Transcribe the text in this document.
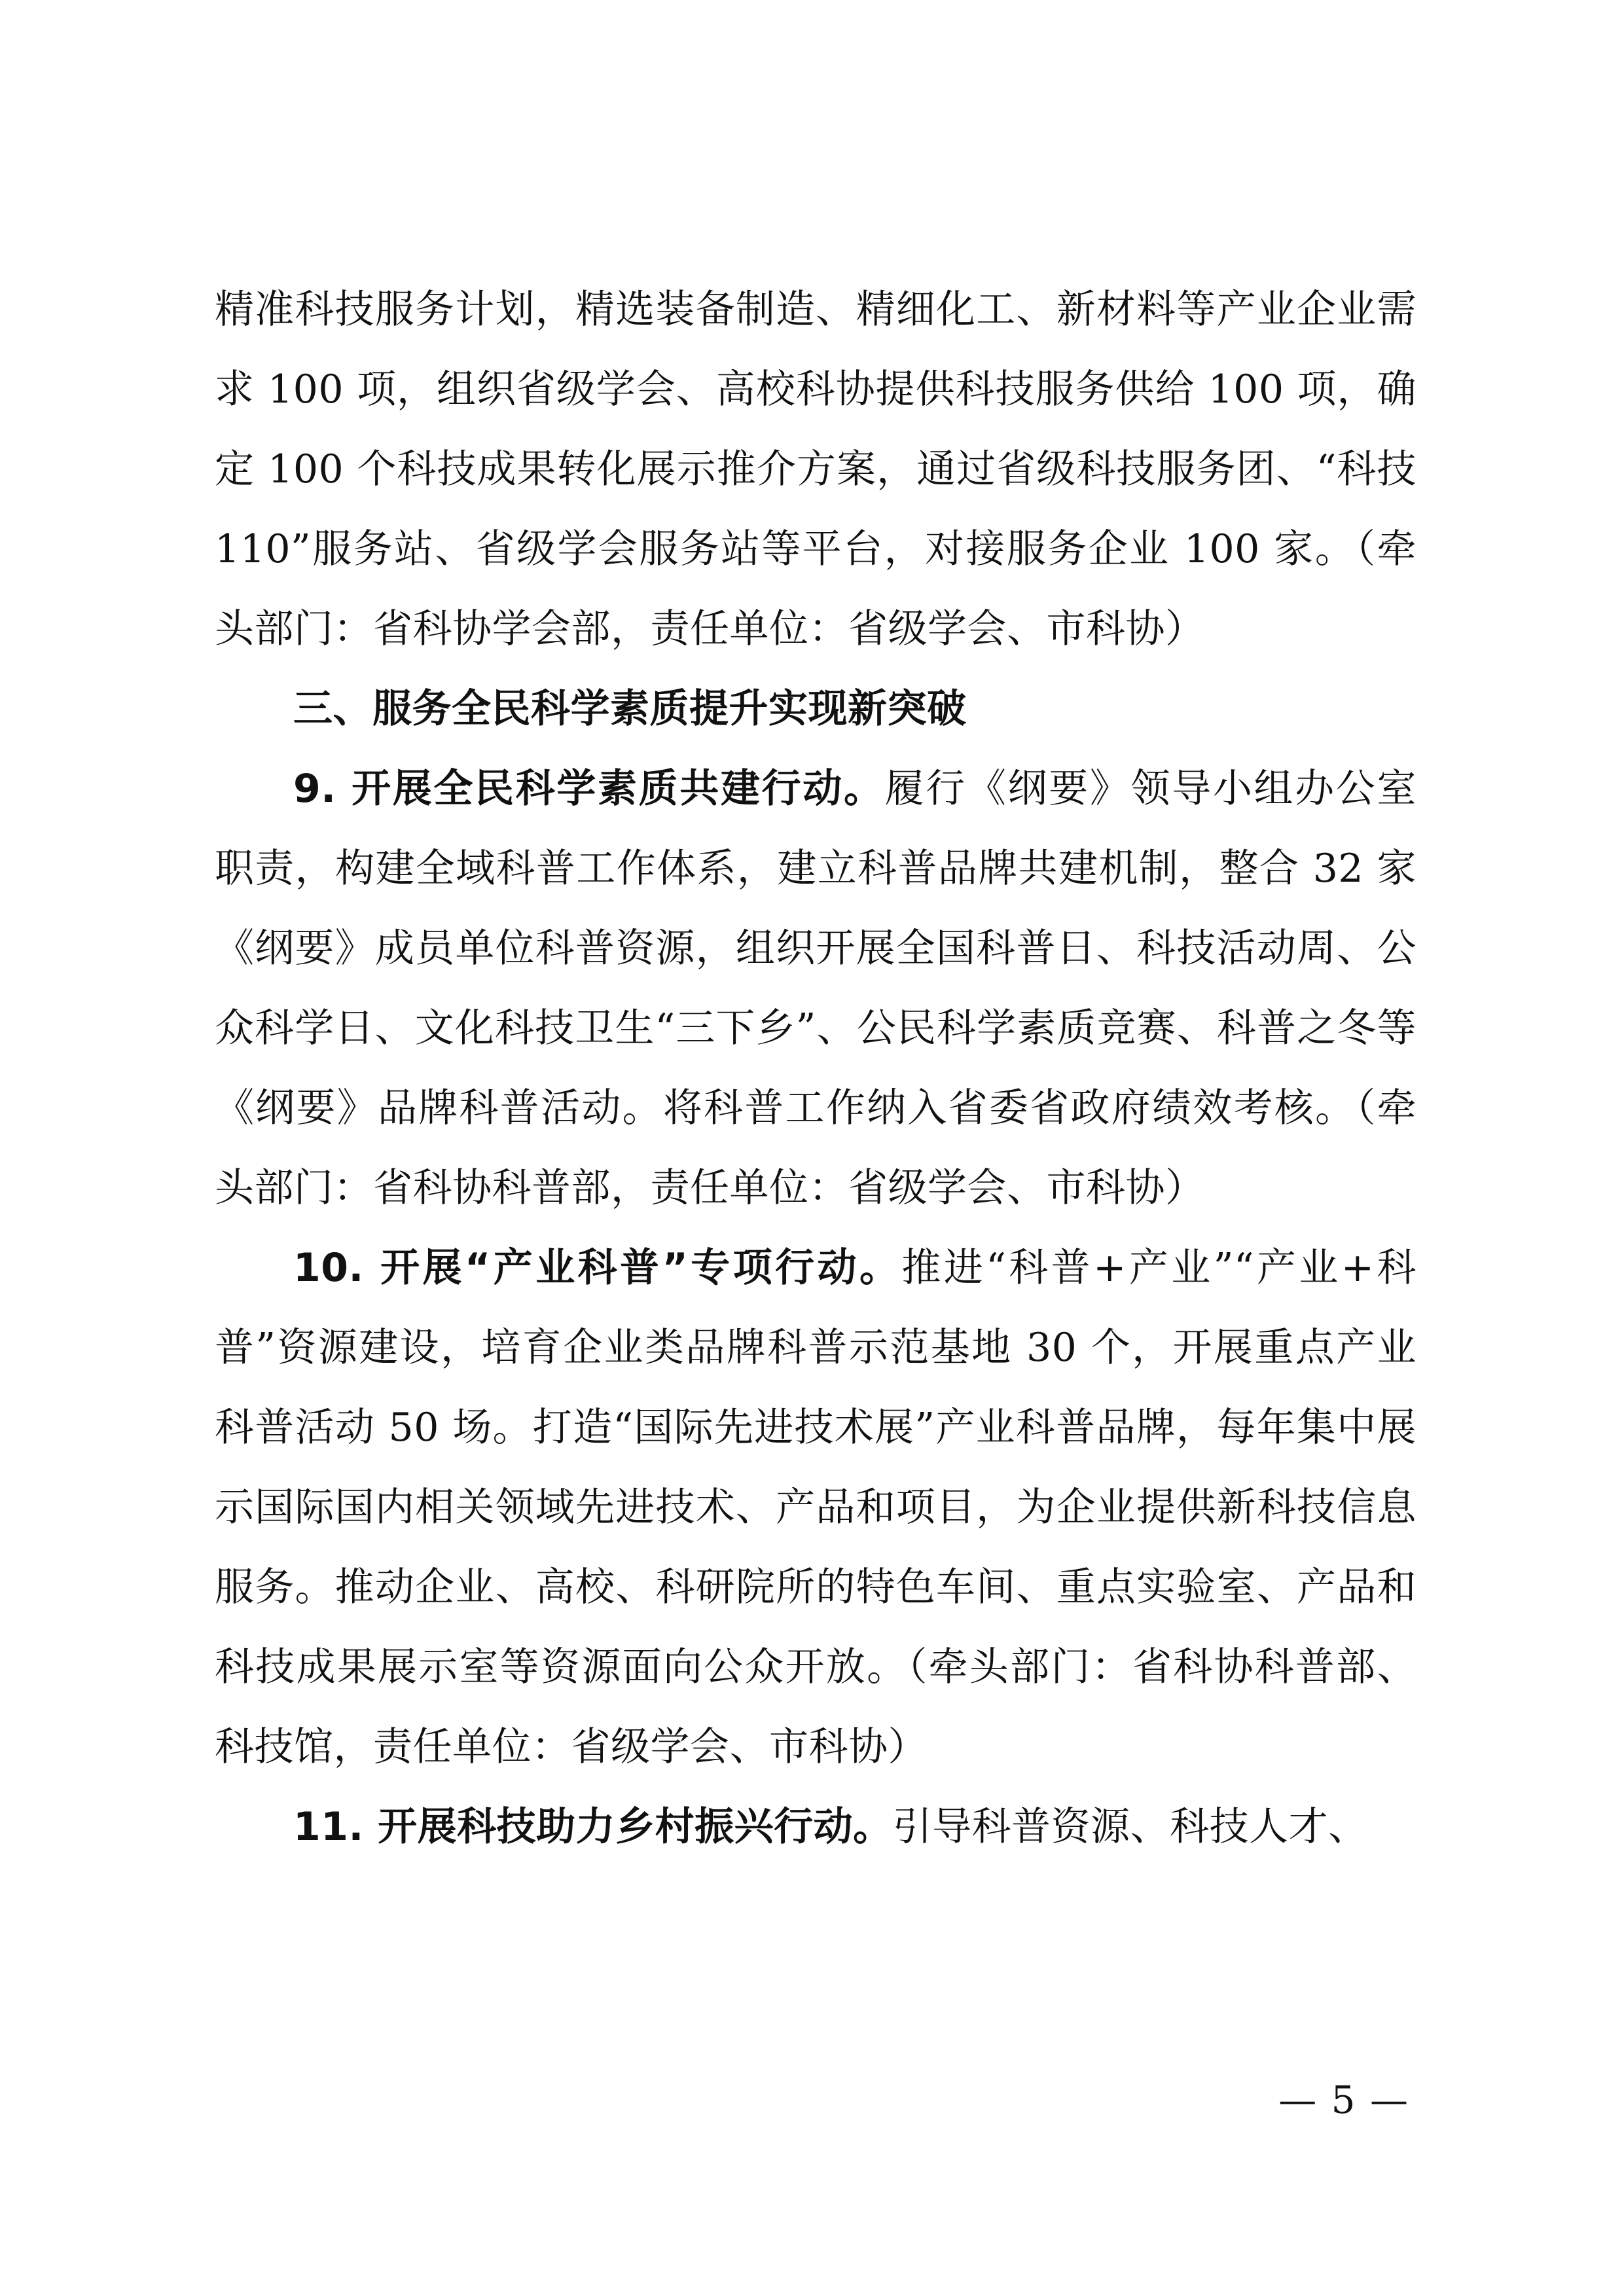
精准科技服务计划，精选装备制造、精细化工、新材料等产业企业需求 100 项，组织省级学会、高校科协提供科技服务供给 100 项，确定 100 个科技成果转化展示推介方案，通过省级科技服务团、“科技 110”服务站、省级学会服务站等平台，对接服务企业 100 家。（牵头部门：省科协学会部，责任单位：省级学会、市科协）

三、服务全民科学素质提升实现新突破

9. 开展全民科学素质共建行动。履行《纲要》领导小组办公室职责，构建全域科普工作体系，建立科普品牌共建机制，整合 32 家《纲要》成员单位科普资源，组织开展全国科普日、科技活动周、公众科学日、文化科技卫生“三下乡”、公民科学素质竞赛、科普之冬等《纲要》品牌科普活动。将科普工作纳入省委省政府绩效考核。（牵头部门：省科协科普部，责任单位：省级学会、市科协）

10. 开展“产业科普”专项行动。推进“科普+产业”“产业+科普”资源建设，培育企业类品牌科普示范基地 30 个，开展重点产业科普活动 50 场。打造“国际先进技术展”产业科普品牌，每年集中展示国际国内相关领域先进技术、产品和项目，为企业提供新科技信息服务。推动企业、高校、科研院所的特色车间、重点实验室、产品和科技成果展示室等资源面向公众开放。（牵头部门：省科协科普部、科技馆，责任单位：省级学会、市科协）

11. 开展科技助力乡村振兴行动。引导科普资源、科技人才、

— 5 —
